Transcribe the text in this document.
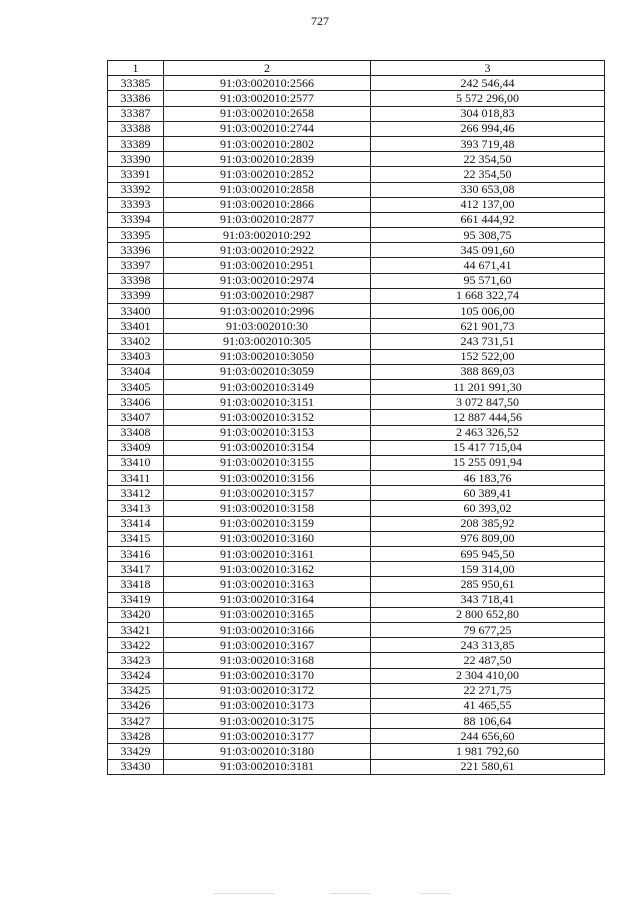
727
1	2	3
33385	91:03:002010:2566	242 546,44
33386	91:03:002010:2577	5 572 296,00
33387	91:03:002010:2658	304 018,83
33388	91:03:002010:2744	266 994,46
33389	91:03:002010:2802	393 719,48
33390	91:03:002010:2839	22 354,50
33391	91:03:002010:2852	22 354,50
33392	91:03:002010:2858	330 653,08
33393	91:03:002010:2866	412 137,00
33394	91:03:002010:2877	661 444,92
33395	91:03:002010:292	95 308,75
33396	91:03:002010:2922	345 091,60
33397	91:03:002010:2951	44 671,41
33398	91:03:002010:2974	95 571,60
33399	91:03:002010:2987	1 668 322,74
33400	91:03:002010:2996	105 006,00
33401	91:03:002010:30	621 901,73
33402	91:03:002010:305	243 731,51
33403	91:03:002010:3050	152 522,00
33404	91:03:002010:3059	388 869,03
33405	91:03:002010:3149	11 201 991,30
33406	91:03:002010:3151	3 072 847,50
33407	91:03:002010:3152	12 887 444,56
33408	91:03:002010:3153	2 463 326,52
33409	91:03:002010:3154	15 417 715,04
33410	91:03:002010:3155	15 255 091,94
33411	91:03:002010:3156	46 183,76
33412	91:03:002010:3157	60 389,41
33413	91:03:002010:3158	60 393,02
33414	91:03:002010:3159	208 385,92
33415	91:03:002010:3160	976 809,00
33416	91:03:002010:3161	695 945,50
33417	91:03:002010:3162	159 314,00
33418	91:03:002010:3163	285 950,61
33419	91:03:002010:3164	343 718,41
33420	91:03:002010:3165	2 800 652,80
33421	91:03:002010:3166	79 677,25
33422	91:03:002010:3167	243 313,85
33423	91:03:002010:3168	22 487,50
33424	91:03:002010:3170	2 304 410,00
33425	91:03:002010:3172	22 271,75
33426	91:03:002010:3173	41 465,55
33427	91:03:002010:3175	88 106,64
33428	91:03:002010:3177	244 656,60
33429	91:03:002010:3180	1 981 792,60
33430	91:03:002010:3181	221 580,61
